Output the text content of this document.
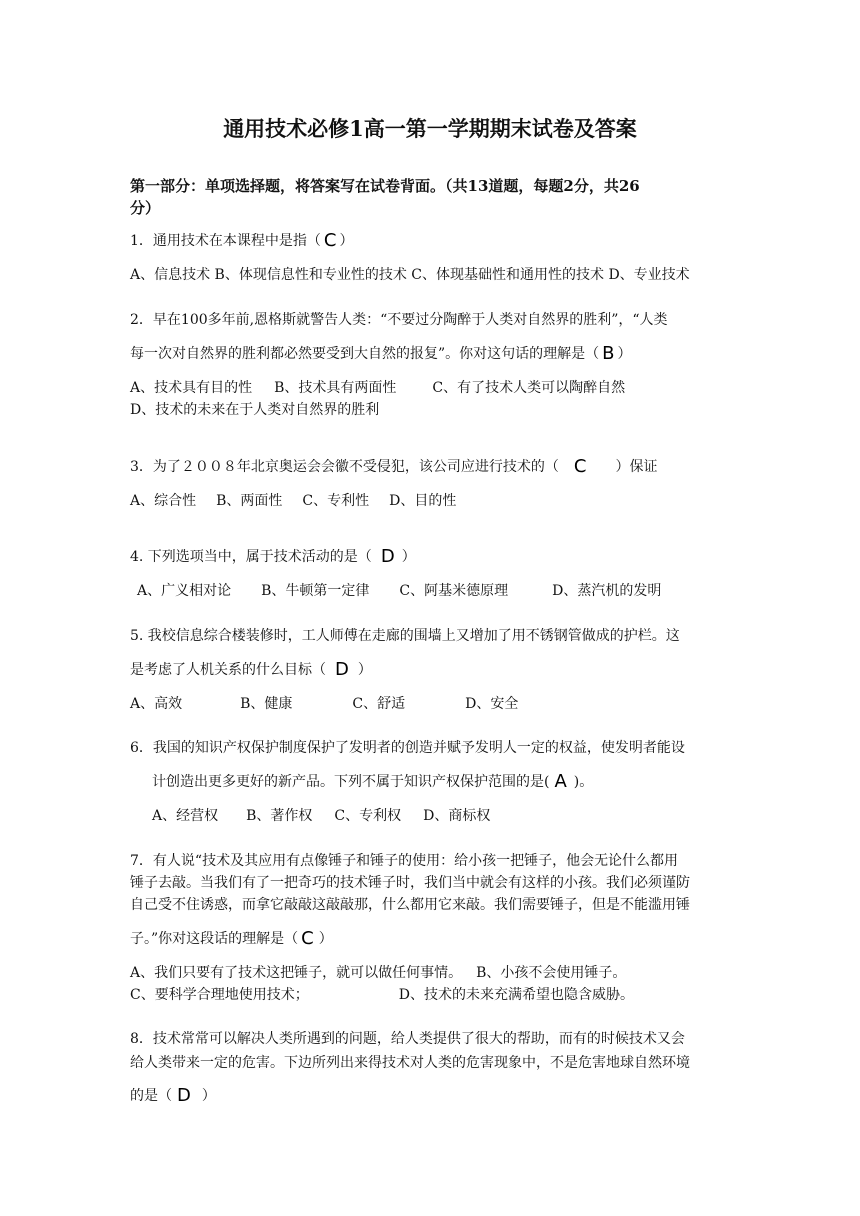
通用技术必修1高一第一学期期末试卷及答案
第一部分：单项选择题，将答案写在试卷背面。（共13道题，每题2分，共26
分）
1．通用技术在本课程中是指（ C ）
A、信息技术 B、体现信息性和专业性的技术 C、体现基础性和通用性的技术 D、专业技术
2．早在100多年前,恩格斯就警告人类：“不要过分陶醉于人类对自然界的胜利”，“人类
每一次对自然界的胜利都必然要受到大自然的报复”。你对这句话的理解是（ B ）
A、技术具有目的性 B、技术具有两面性	C、有了技术人类可以陶醉自然
D、技术的未来在于人类对自然界的胜利
3．为了２００８年北京奥运会会徽不受侵犯，该公司应进行技术的（ C ）保证
A、综合性 B、两面性 C、专利性 D、目的性
4. 下列选项当中，属于技术活动的是（ D ）
A、广义相对论 B、牛顿第一定律 C、阿基米德原理	D、蒸汽机的发明
5. 我校信息综合楼装修时，工人师傅在走廊的围墙上又增加了用不锈钢管做成的护栏。这
是考虑了人机关系的什么目标（ D ）
A、高效	B、健康	C、舒适	D、安全
6．我国的知识产权保护制度保护了发明者的创造并赋予发明人一定的权益，使发明者能设
计创造出更多更好的新产品。下列不属于知识产权保护范围的是( A )。
A、经营权 B、著作权 C、专利权 D、商标权
7．有人说“技术及其应用有点像锤子和锤子的使用：给小孩一把锤子，他会无论什么都用
锤子去敲。当我们有了一把奇巧的技术锤子时，我们当中就会有这样的小孩。我们必须谨防
自己受不住诱惑，而拿它敲敲这敲敲那，什么都用它来敲。我们需要锤子，但是不能滥用锤
子。”你对这段话的理解是（ C ）
A、我们只要有了技术这把锤子，就可以做任何事情。 B、小孩不会使用锤子。
C、要科学合理地使用技术；	D、技术的未来充满希望也隐含威胁。
8．技术常常可以解决人类所遇到的问题，给人类提供了很大的帮助，而有的时候技术又会
给人类带来一定的危害。下边所列出来得技术对人类的危害现象中，不是危害地球自然环境
的是（ D ）
